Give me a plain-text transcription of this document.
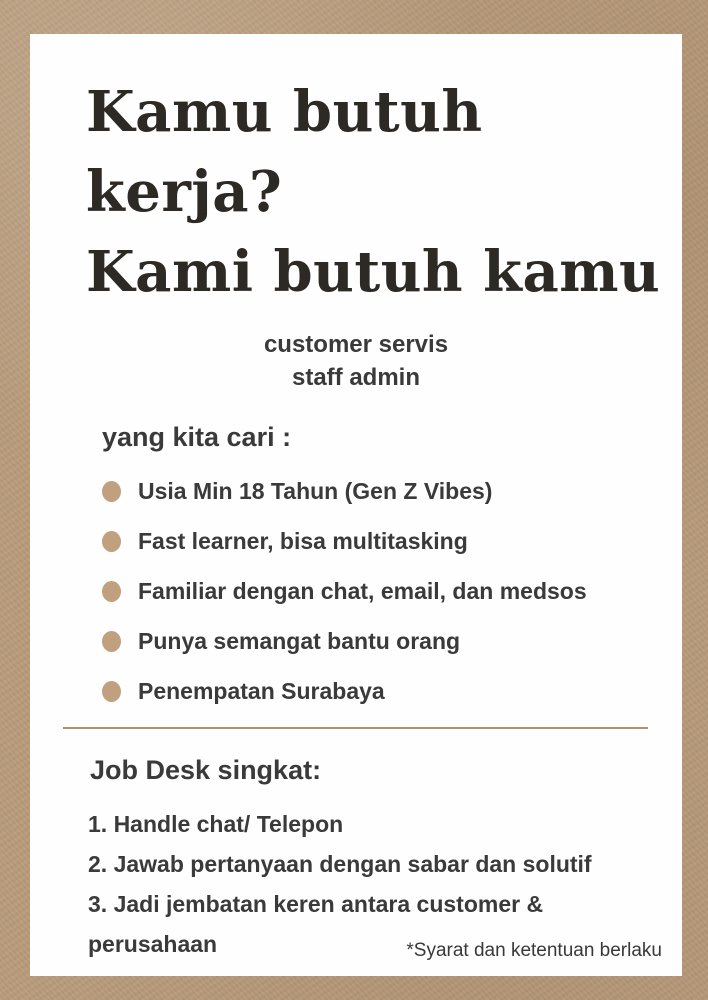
Kamu butuh kerja?
Kami butuh kamu
customer servis
staff admin
yang kita cari :
Usia Min 18 Tahun (Gen Z Vibes)
Fast learner, bisa multitasking
Familiar dengan chat, email, dan medsos
Punya semangat bantu orang
Penempatan Surabaya
Job Desk singkat:
1. Handle chat/ Telepon
2. Jawab pertanyaan dengan sabar dan solutif
3. Jadi jembatan keren antara customer & perusahaan	*Syarat dan ketentuan berlaku
